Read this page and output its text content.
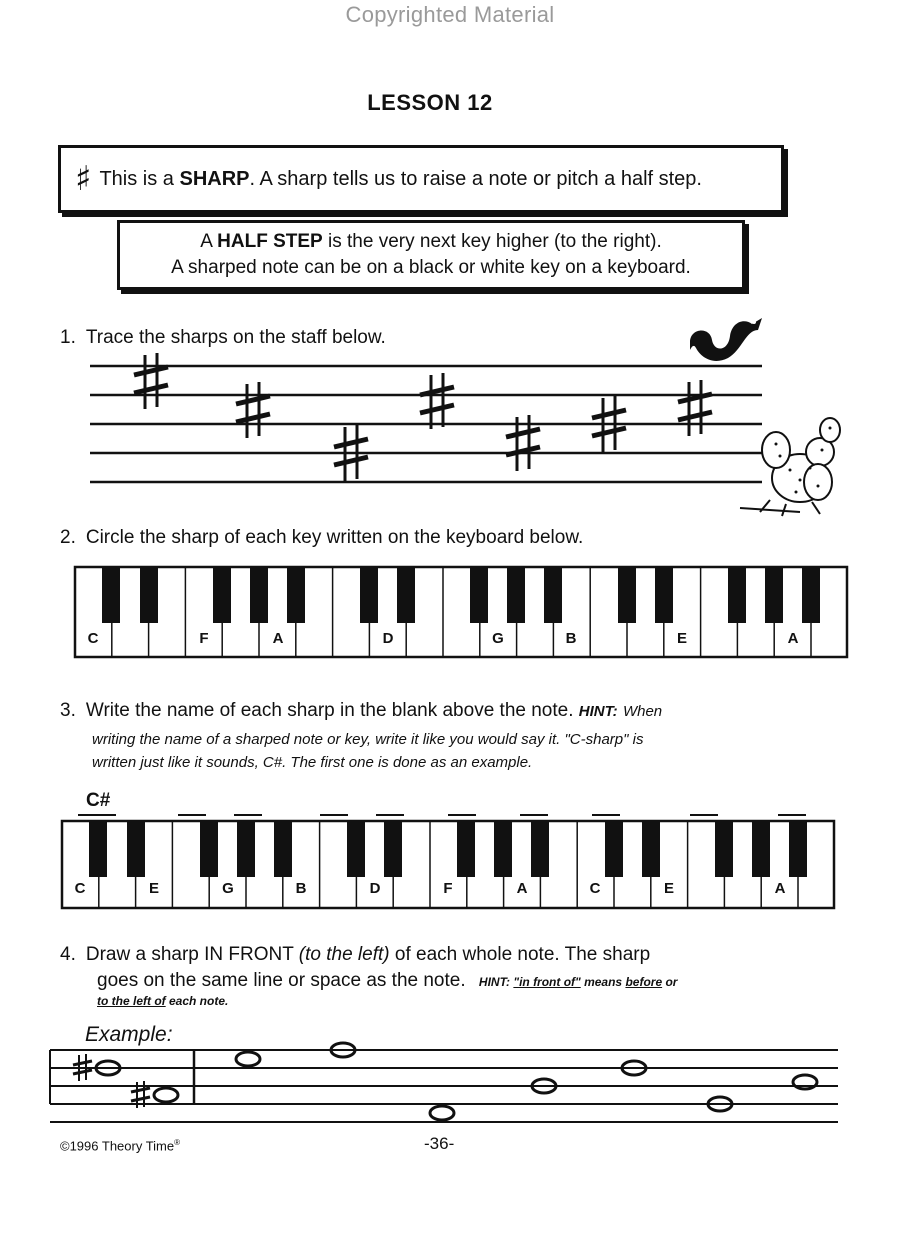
Copyrighted Material
LESSON 12
♯ This is a SHARP. A sharp tells us to raise a note or pitch a half step.
A HALF STEP is the very next key higher (to the right).
A sharped note can be on a black or white key on a keyboard.
1. Trace the sharps on the staff below.
C	F	A	D	G	B	E	A
C#
C	E	G	B	D	F	A	C	E	A
2. Circle the sharp of each key written on the keyboard below.
3. Write the name of each sharp in the blank above the note. HINT: When
writing the name of a sharped note or key, write it like you would say it. "C-sharp" is
written just like it sounds, C#. The first one is done as an example.
4. Draw a sharp IN FRONT (to the left) of each whole note. The sharp
goes on the same line or space as the note. HINT: "in front of" means before or
to the left of each note.
Example:
©1996 Theory Time®	-36-
